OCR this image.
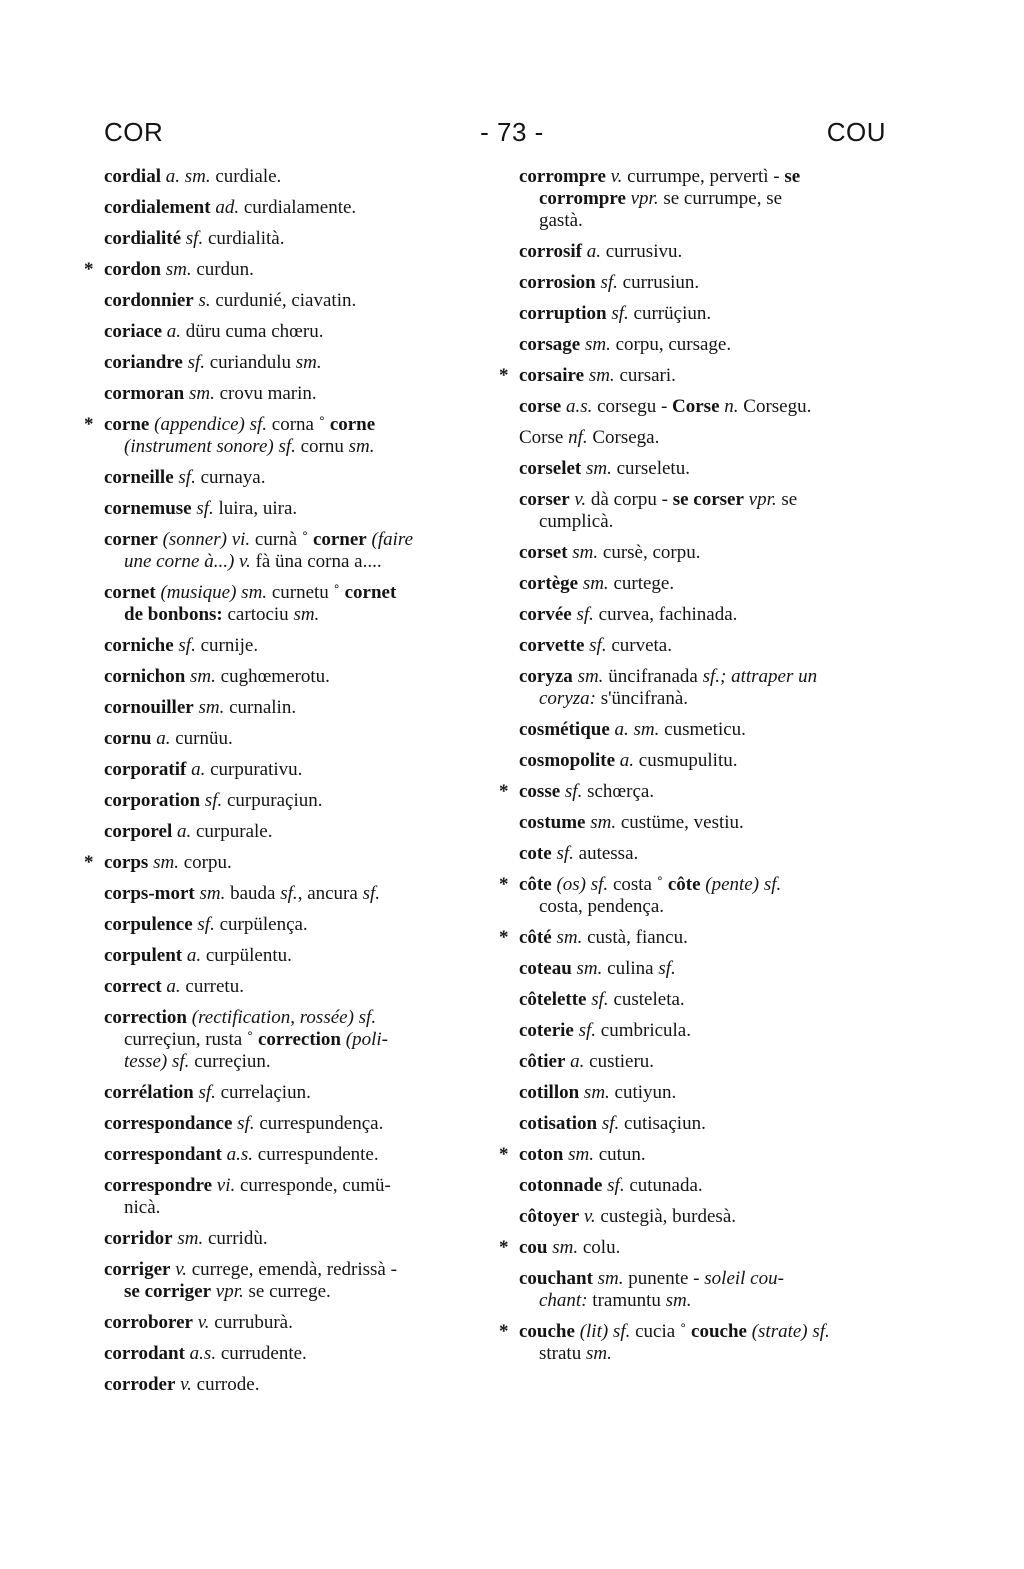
COR	- 73 -	COU
cordial a. sm. curdiale.
cordialement ad. curdialamente.
cordialité sf. curdialità.
* cordon sm. curdun.
cordonnier s. curdunié, ciavatin.
coriace a. düru cuma chœru.
coriandre sf. curiandulu sm.
cormoran sm. crovu marin.
* corne (appendice) sf. corna ˚ corne
(instrument sonore) sf. cornu sm.
corneille sf. curnaya.
cornemuse sf. luira, uira.
corner (sonner) vi. curnà ˚ corner (faire
une corne à...) v. fà üna corna a....
cornet (musique) sm. curnetu ˚ cornet
de bonbons: cartociu sm.
corniche sf. curnije.
cornichon sm. cughœmerotu.
cornouiller sm. curnalin.
cornu a. curnüu.
corporatif a. curpurativu.
corporation sf. curpuraçiun.
corporel a. curpurale.
* corps sm. corpu.
corps-mort sm. bauda sf., ancura sf.
corpulence sf. curpülença.
corpulent a. curpülentu.
correct a. curretu.
correction (rectification, rossée) sf.
curreçiun, rusta ˚ correction (poli-
tesse) sf. curreçiun.
corrélation sf. currelaçiun.
correspondance sf. currespundença.
correspondant a.s. currespundente.
correspondre vi. curresponde, cumü-
nicà.
corridor sm. curridù.
corriger v. currege, emendà, redrissà -
se corriger vpr. se currege.
corroborer v. curruburà.
corrodant a.s. currudente.
corroder v. currode.
corrompre v. currumpe, pervertì - se
corrompre vpr. se currumpe, se
gastà.
corrosif a. currusivu.
corrosion sf. currusiun.
corruption sf. currüçiun.
corsage sm. corpu, cursage.
* corsaire sm. cursari.
corse a.s. corsegu - Corse n. Corsegu.
Corse nf. Corsega.
corselet sm. curseletu.
corser v. dà corpu - se corser vpr. se
cumplicà.
corset sm. cursè, corpu.
cortège sm. curtege.
corvée sf. curvea, fachinada.
corvette sf. curveta.
coryza sm. üncifranada sf.; attraper un
coryza: s'üncifranà.
cosmétique a. sm. cusmeticu.
cosmopolite a. cusmupulitu.
* cosse sf. schœrça.
costume sm. custüme, vestiu.
cote sf. autessa.
* côte (os) sf. costa ˚ côte (pente) sf.
costa, pendença.
* côté sm. custà, fiancu.
coteau sm. culina sf.
côtelette sf. custeleta.
coterie sf. cumbricula.
côtier a. custieru.
cotillon sm. cutiyun.
cotisation sf. cutisaçiun.
* coton sm. cutun.
cotonnade sf. cutunada.
côtoyer v. custegià, burdesà.
* cou sm. colu.
couchant sm. punente - soleil cou-
chant: tramuntu sm.
* couche (lit) sf. cucia ˚ couche (strate) sf.
stratu sm.
